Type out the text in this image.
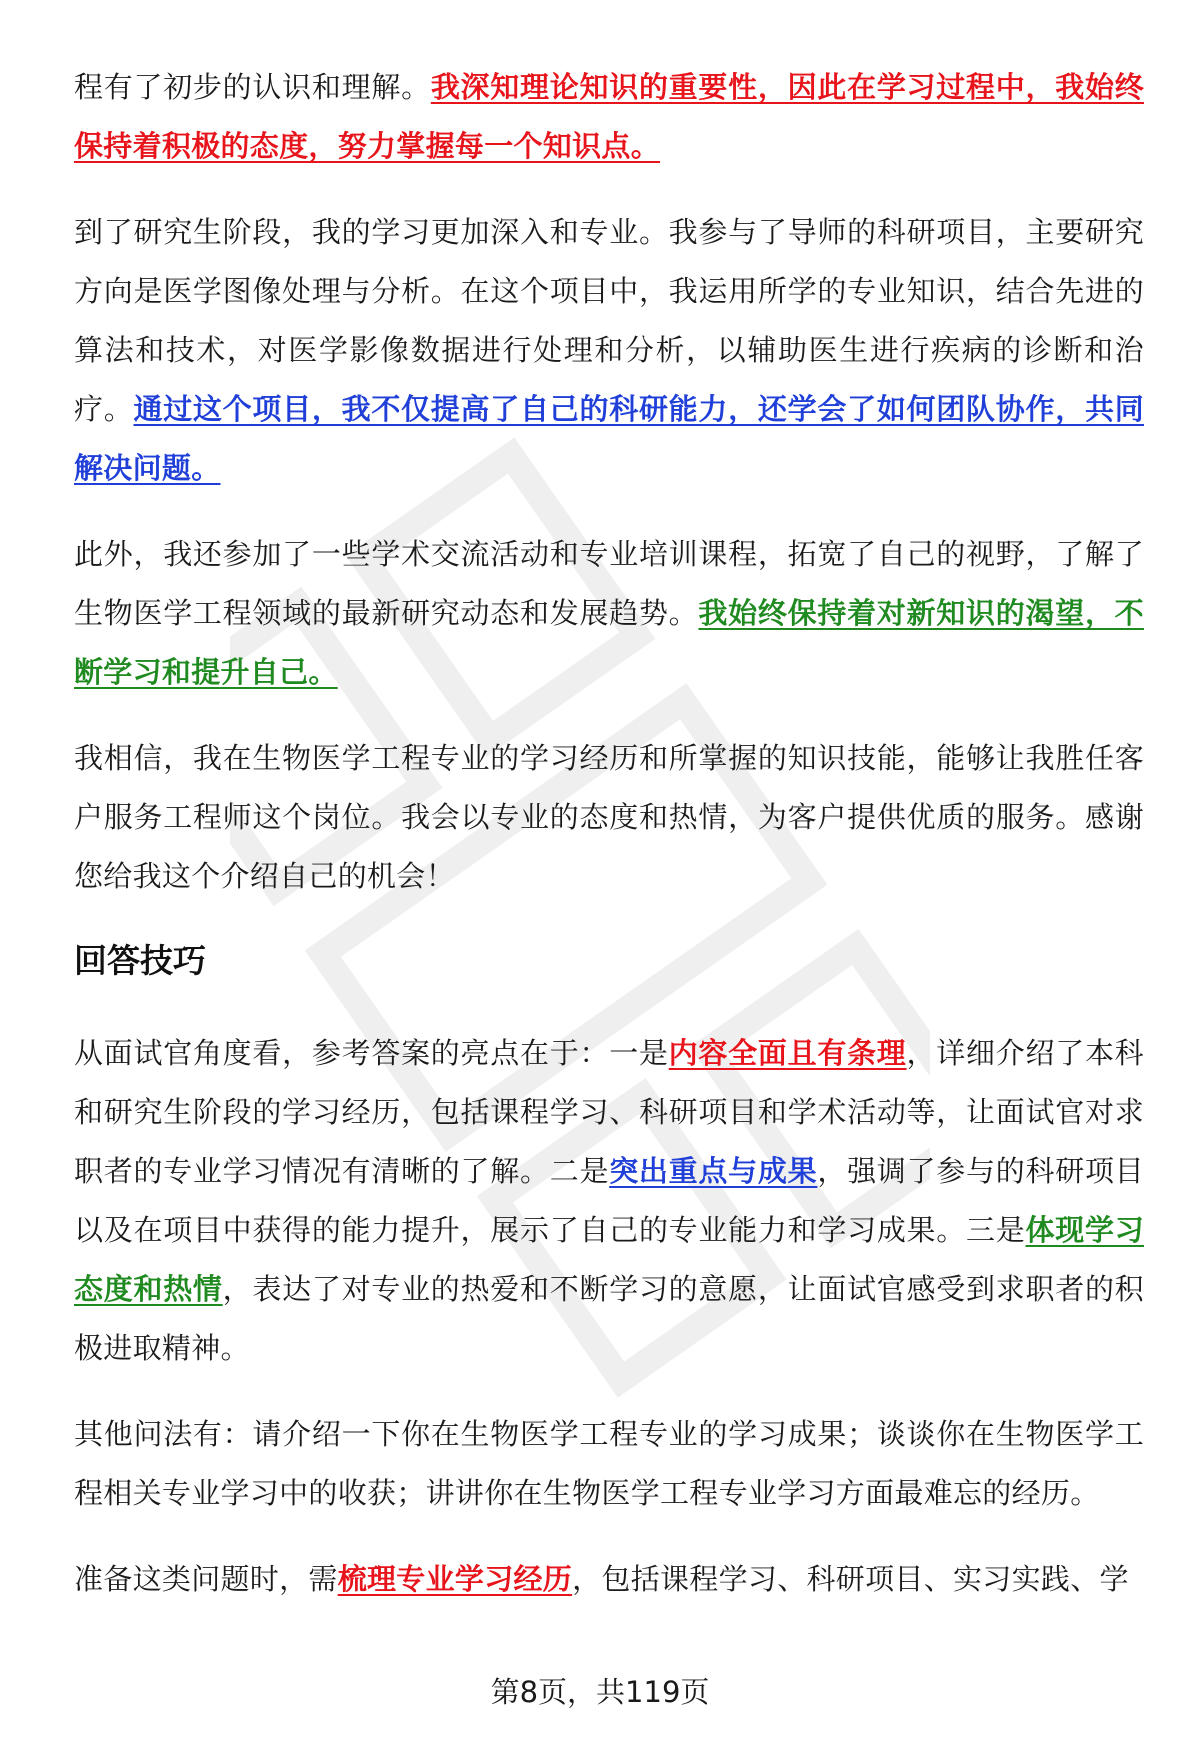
程有了初步的认识和理解。我深知理论知识的重要性，因此在学习过程中，我始终保持着积极的态度，努力掌握每一个知识点。

到了研究生阶段，我的学习更加深入和专业。我参与了导师的科研项目，主要研究方向是医学图像处理与分析。在这个项目中，我运用所学的专业知识，结合先进的算法和技术，对医学影像数据进行处理和分析，以辅助医生进行疾病的诊断和治疗。通过这个项目，我不仅提高了自己的科研能力，还学会了如何团队协作，共同解决问题。

此外，我还参加了一些学术交流活动和专业培训课程，拓宽了自己的视野，了解了生物医学工程领域的最新研究动态和发展趋势。我始终保持着对新知识的渴望，不断学习和提升自己。

我相信，我在生物医学工程专业的学习经历和所掌握的知识技能，能够让我胜任客户服务工程师这个岗位。我会以专业的态度和热情，为客户提供优质的服务。感谢您给我这个介绍自己的机会！

回答技巧

从面试官角度看，参考答案的亮点在于：一是内容全面且有条理，详细介绍了本科和研究生阶段的学习经历，包括课程学习、科研项目和学术活动等，让面试官对求职者的专业学习情况有清晰的了解。二是突出重点与成果，强调了参与的科研项目以及在项目中获得的能力提升，展示了自己的专业能力和学习成果。三是体现学习态度和热情，表达了对专业的热爱和不断学习的意愿，让面试官感受到求职者的积极进取精神。

其他问法有：请介绍一下你在生物医学工程专业的学习成果；谈谈你在生物医学工程相关专业学习中的收获；讲讲你在生物医学工程专业学习方面最难忘的经历。

准备这类问题时，需梳理专业学习经历，包括课程学习、科研项目、实习实践、学

第8页，共119页
